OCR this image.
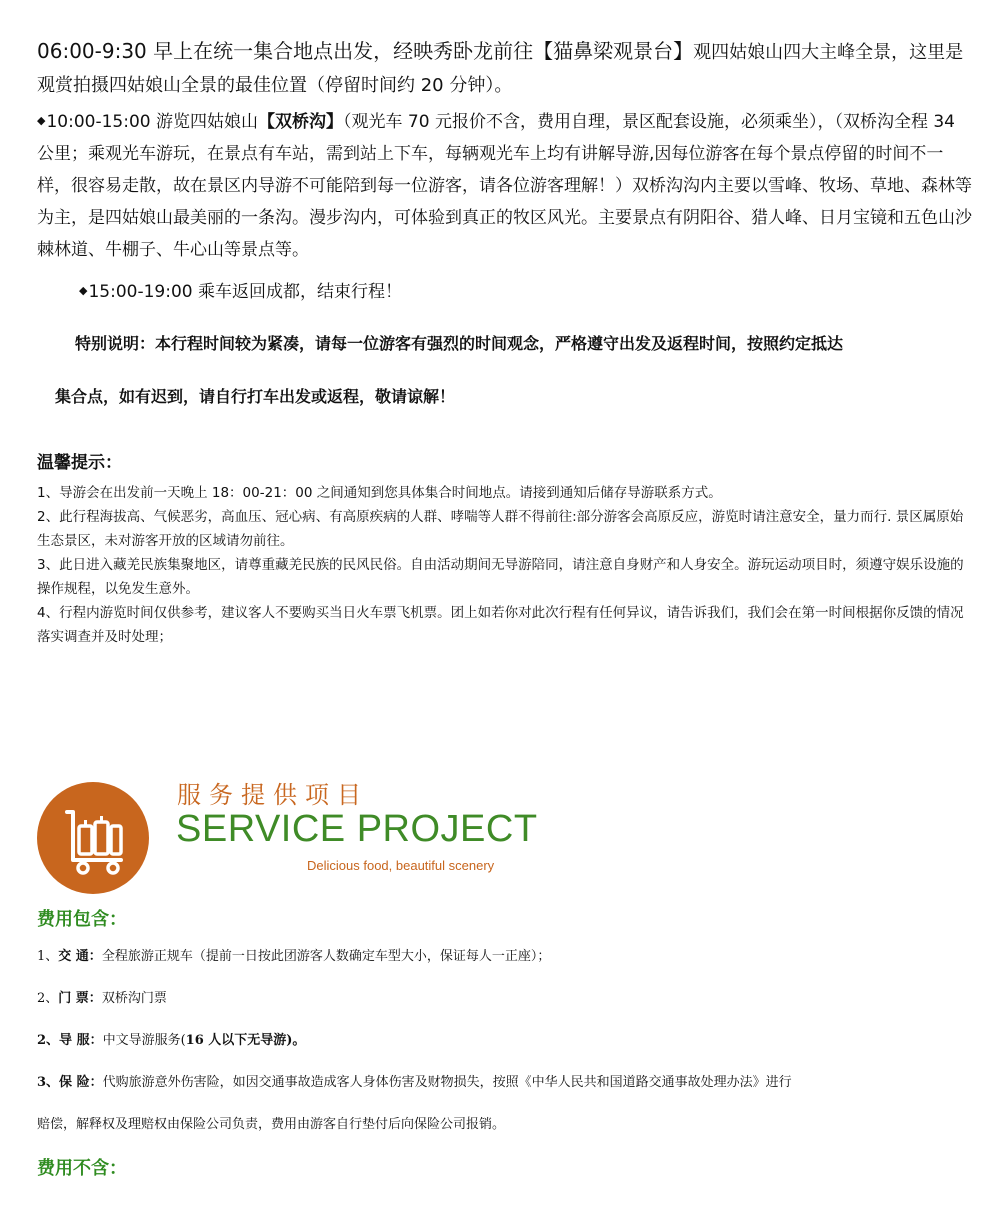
06:00-9:30 早上在统一集合地点出发，经映秀卧龙前往【猫鼻梁观景台】观四姑娘山四大主峰全景，这里是观赏拍摄四姑娘山全景的最佳位置（停留时间约 20 分钟）。

◆10:00-15:00 游览四姑娘山【双桥沟】（观光车 70 元报价不含，费用自理，景区配套设施，必须乘坐），（双桥沟全程 34 公里；乘观光车游玩，在景点有车站，需到站上下车，每辆观光车上均有讲解导游,因每位游客在每个景点停留的时间不一样，很容易走散，故在景区内导游不可能陪到每一位游客，请各位游客理解！）双桥沟沟内主要以雪峰、牧场、草地、森林等为主，是四姑娘山最美丽的一条沟。漫步沟内，可体验到真正的牧区风光。主要景点有阴阳谷、猎人峰、日月宝镜和五色山沙棘林道、牛棚子、牛心山等景点等。

◆15:00-19:00 乘车返回成都，结束行程！

特别说明：本行程时间较为紧凑，请每一位游客有强烈的时间观念，严格遵守出发及返程时间，按照约定抵达

集合点，如有迟到，请自行打车出发或返程，敬请谅解！

温馨提示：

1、导游会在出发前一天晚上 18：00-21：00 之间通知到您具体集合时间地点。请接到通知后储存导游联系方式。

2、此行程海拔高、气候恶劣，高血压、冠心病、有高原疾病的人群、哮喘等人群不得前往:部分游客会高原反应，游览时请注意安全，量力而行. 景区属原始生态景区，未对游客开放的区域请勿前往。

3、此日进入藏羌民族集聚地区，请尊重藏羌民族的民风民俗。自由活动期间无导游陪同，请注意自身财产和人身安全。游玩运动项目时，须遵守娱乐设施的操作规程，以免发生意外。

4、行程内游览时间仅供参考，建议客人不要购买当日火车票飞机票。团上如若你对此次行程有任何异议，请告诉我们，我们会在第一时间根据你反馈的情况落实调查并及时处理；

服务提供项目
SERVICE PROJECT
Delicious food, beautiful scenery

费用包含：

1、交 通：全程旅游正规车（提前一日按此团游客人数确定车型大小，保证每人一正座）；

2、门 票：双桥沟门票

2、导 服：中文导游服务(16 人以下无导游)。

3、保 险：代购旅游意外伤害险，如因交通事故造成客人身体伤害及财物损失，按照《中华人民共和国道路交通事故处理办法》进行

赔偿，解释权及理赔权由保险公司负责，费用由游客自行垫付后向保险公司报销。

费用不含：
